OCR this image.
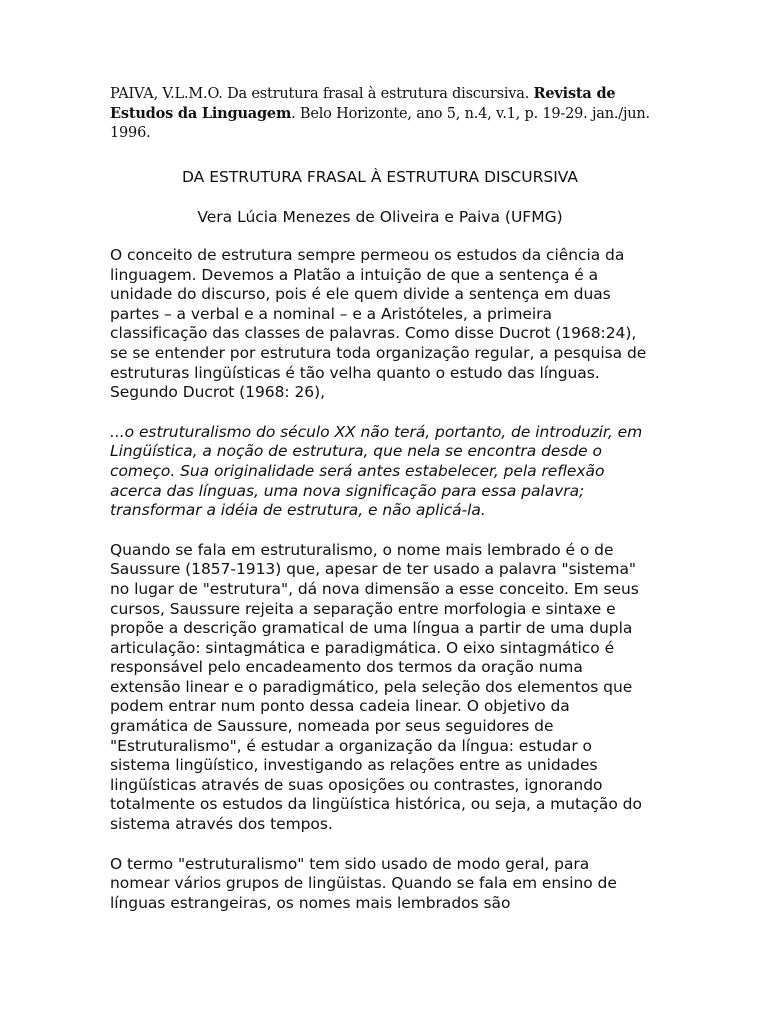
PAIVA, V.L.M.O. Da estrutura frasal à estrutura discursiva. Revista de Estudos da Linguagem. Belo Horizonte, ano 5, n.4, v.1, p. 19-29. jan./jun. 1996.

DA ESTRUTURA FRASAL À ESTRUTURA DISCURSIVA

Vera Lúcia Menezes de Oliveira e Paiva (UFMG)

O conceito de estrutura sempre permeou os estudos da ciência da linguagem. Devemos a Platão a intuição de que a sentença é a unidade do discurso, pois é ele quem divide a sentença em duas partes – a verbal e a nominal – e a Aristóteles, a primeira classificação das classes de palavras. Como disse Ducrot (1968:24), se se entender por estrutura toda organização regular, a pesquisa de estruturas lingüísticas é tão velha quanto o estudo das línguas. Segundo Ducrot (1968: 26),

...o estruturalismo do século XX não terá, portanto, de introduzir, em Lingüística, a noção de estrutura, que nela se encontra desde o começo. Sua originalidade será antes estabelecer, pela reflexão acerca das línguas, uma nova significação para essa palavra; transformar a idéia de estrutura, e não aplicá-la.

Quando se fala em estruturalismo, o nome mais lembrado é o de Saussure (1857-1913) que, apesar de ter usado a palavra "sistema" no lugar de "estrutura", dá nova dimensão a esse conceito. Em seus cursos, Saussure rejeita a separação entre morfologia e sintaxe e propõe a descrição gramatical de uma língua a partir de uma dupla articulação: sintagmática e paradigmática. O eixo sintagmático é responsável pelo encadeamento dos termos da oração numa extensão linear e o paradigmático, pela seleção dos elementos que podem entrar num ponto dessa cadeia linear. O objetivo da gramática de Saussure, nomeada por seus seguidores de "Estruturalismo", é estudar a organização da língua: estudar o sistema lingüístico, investigando as relações entre as unidades lingüísticas através de suas oposições ou contrastes, ignorando totalmente os estudos da lingüística histórica, ou seja, a mutação do sistema através dos tempos.

O termo "estruturalismo" tem sido usado de modo geral, para nomear vários grupos de lingüistas. Quando se fala em ensino de línguas estrangeiras, os nomes mais lembrados são
